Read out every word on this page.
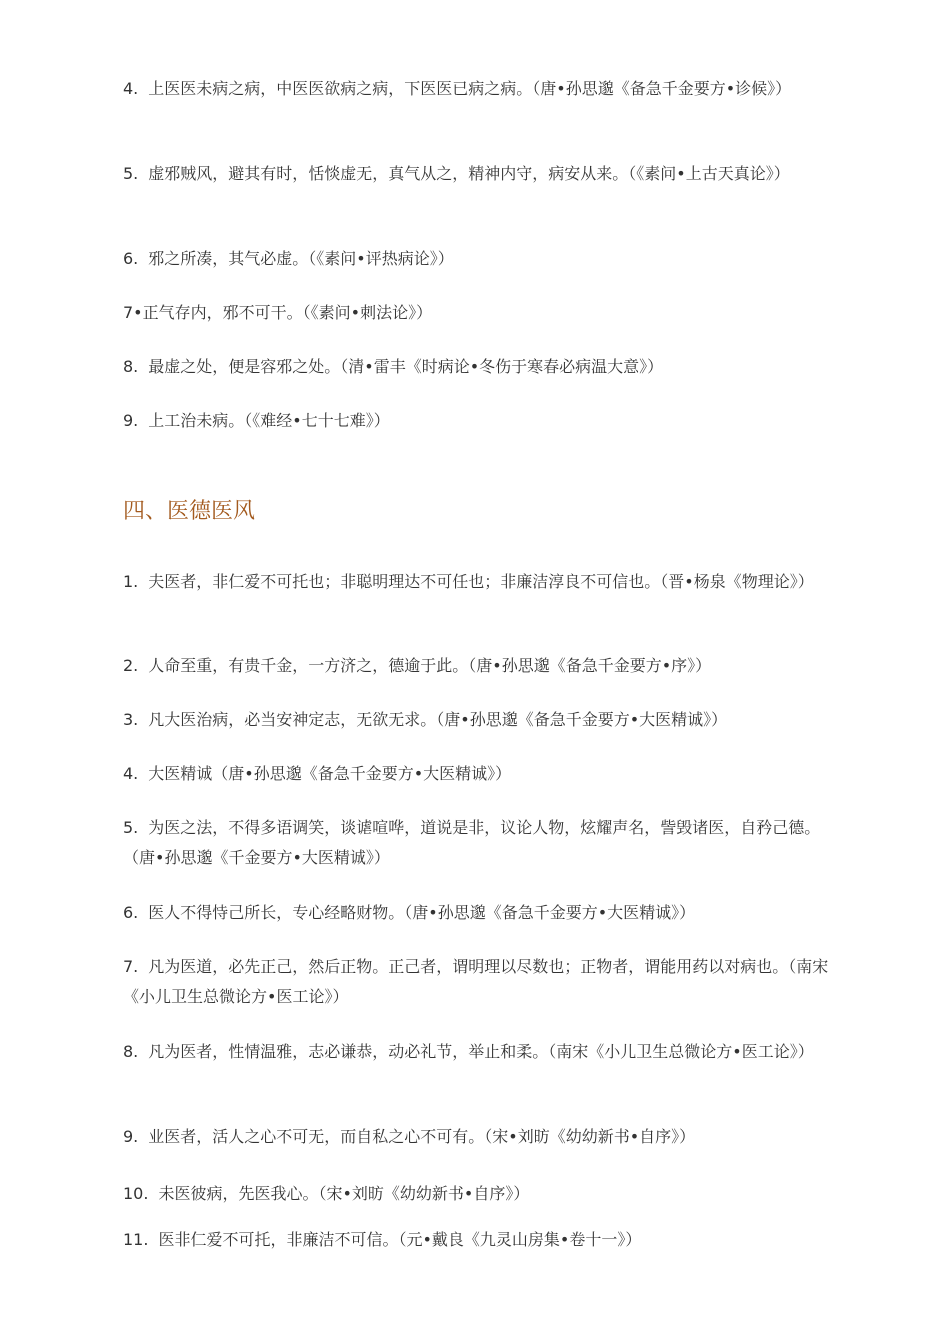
4. 上医医未病之病，中医医欲病之病，下医医已病之病。（唐•孙思邈《备急千金要方•诊候》）

5. 虚邪贼风，避其有时，恬惔虚无，真气从之，精神内守，病安从来。（《素问•上古天真论》）

6. 邪之所凑，其气必虚。（《素问•评热病论》）

7•正气存内，邪不可干。（《素问•刺法论》）

8. 最虚之处，便是容邪之处。（清•雷丰《时病论•冬伤于寒春必病温大意》）

9. 上工治未病。（《难经•七十七难》）

四、医德医风

1. 夫医者，非仁爱不可托也；非聪明理达不可任也；非廉洁淳良不可信也。（晋•杨泉《物理论》）

2. 人命至重，有贵千金，一方济之，德逾于此。（唐•孙思邈《备急千金要方•序》）

3. 凡大医治病，必当安神定志，无欲无求。（唐•孙思邈《备急千金要方•大医精诚》）

4. 大医精诚（唐•孙思邈《备急千金要方•大医精诚》）

5. 为医之法，不得多语调笑，谈谑喧哗，道说是非，议论人物，炫耀声名，訾毁诸医，自矜己德。（唐•孙思邈《千金要方•大医精诚》）

6. 医人不得恃己所长，专心经略财物。（唐•孙思邈《备急千金要方•大医精诚》）

7. 凡为医道，必先正己，然后正物。正己者，谓明理以尽数也；正物者，谓能用药以对病也。（南宋《小儿卫生总微论方•医工论》）

8. 凡为医者，性情温雅，志必谦恭，动必礼节，举止和柔。（南宋《小儿卫生总微论方•医工论》）

9. 业医者，活人之心不可无，而自私之心不可有。（宋•刘昉《幼幼新书•自序》）

10. 未医彼病，先医我心。（宋•刘昉《幼幼新书•自序》）

11. 医非仁爱不可托，非廉洁不可信。（元•戴良《九灵山房集•卷十一》）
